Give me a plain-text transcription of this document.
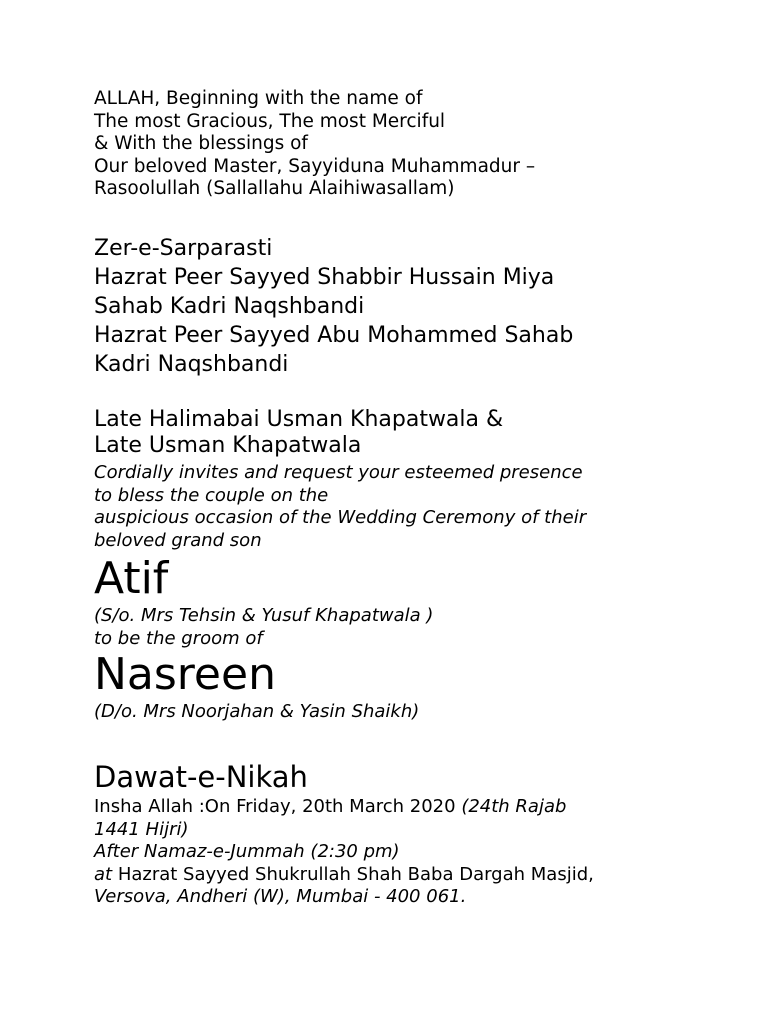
ALLAH, Beginning with the name of
The most Gracious, The most Merciful
& With the blessings of
Our beloved Master, Sayyiduna Muhammadur –
Rasoolullah (Sallallahu Alaihiwasallam)
Zer-e-Sarparasti
Hazrat Peer Sayyed Shabbir Hussain Miya
Sahab Kadri Naqshbandi
Hazrat Peer Sayyed Abu Mohammed Sahab
Kadri Naqshbandi
Late Halimabai Usman Khapatwala &
Late Usman Khapatwala
Cordially invites and request your esteemed presence
to bless the couple on the
auspicious occasion of the Wedding Ceremony of their
beloved grand son
Atif
(S/o. Mrs Tehsin & Yusuf Khapatwala )
to be the groom of
Nasreen
(D/o. Mrs Noorjahan & Yasin Shaikh)
Dawat-e-Nikah
Insha Allah :On Friday, 20th March 2020 (24th Rajab
1441 Hijri)
After Namaz-e-Jummah (2:30 pm)
at Hazrat Sayyed Shukrullah Shah Baba Dargah Masjid,
Versova, Andheri (W), Mumbai - 400 061.
